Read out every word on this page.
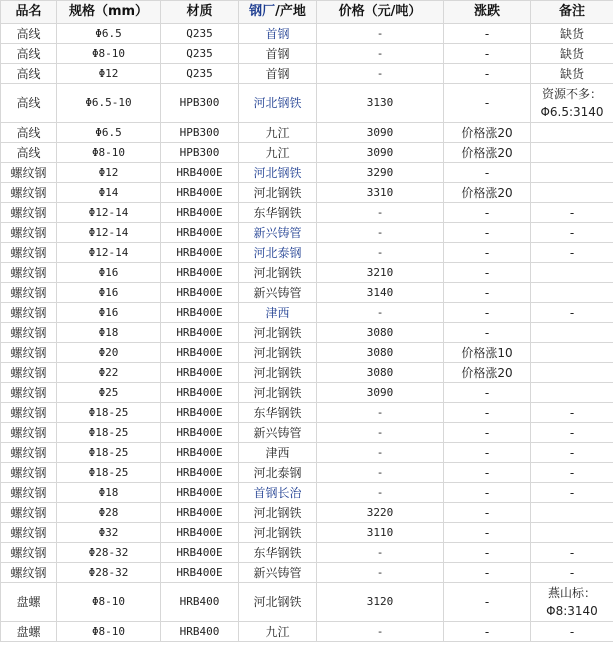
品名	规格（mm）	材质	钢厂/产地	价格（元/吨）	涨跌	备注
高线	Φ6.5	Q235	首钢	-	-	缺货
高线	Φ8-10	Q235	首钢	-	-	缺货
高线	Φ12	Q235	首钢	-	-	缺货
高线	Φ6.5-10	HPB300	河北钢铁	3130	-	资源不多：Φ6.5:3140
高线	Φ6.5	HPB300	九江	3090	价格涨20	
高线	Φ8-10	HPB300	九江	3090	价格涨20	
螺纹钢	Φ12	HRB400E	河北钢铁	3290	-	
螺纹钢	Φ14	HRB400E	河北钢铁	3310	价格涨20	
螺纹钢	Φ12-14	HRB400E	东华钢铁	-	-	-
螺纹钢	Φ12-14	HRB400E	新兴铸管	-	-	-
螺纹钢	Φ12-14	HRB400E	河北泰钢	-	-	-
螺纹钢	Φ16	HRB400E	河北钢铁	3210	-	
螺纹钢	Φ16	HRB400E	新兴铸管	3140	-	
螺纹钢	Φ16	HRB400E	津西	-	-	-
螺纹钢	Φ18	HRB400E	河北钢铁	3080	-	
螺纹钢	Φ20	HRB400E	河北钢铁	3080	价格涨10	
螺纹钢	Φ22	HRB400E	河北钢铁	3080	价格涨20	
螺纹钢	Φ25	HRB400E	河北钢铁	3090	-	
螺纹钢	Φ18-25	HRB400E	东华钢铁	-	-	-
螺纹钢	Φ18-25	HRB400E	新兴铸管	-	-	-
螺纹钢	Φ18-25	HRB400E	津西	-	-	-
螺纹钢	Φ18-25	HRB400E	河北泰钢	-	-	-
螺纹钢	Φ18	HRB400E	首钢长治	-	-	-
螺纹钢	Φ28	HRB400E	河北钢铁	3220	-	
螺纹钢	Φ32	HRB400E	河北钢铁	3110	-	
螺纹钢	Φ28-32	HRB400E	东华钢铁	-	-	-
螺纹钢	Φ28-32	HRB400E	新兴铸管	-	-	-
盘螺	Φ8-10	HRB400	河北钢铁	3120	-	燕山标：Φ8:3140
盘螺	Φ8-10	HRB400	九江	-	-	-
